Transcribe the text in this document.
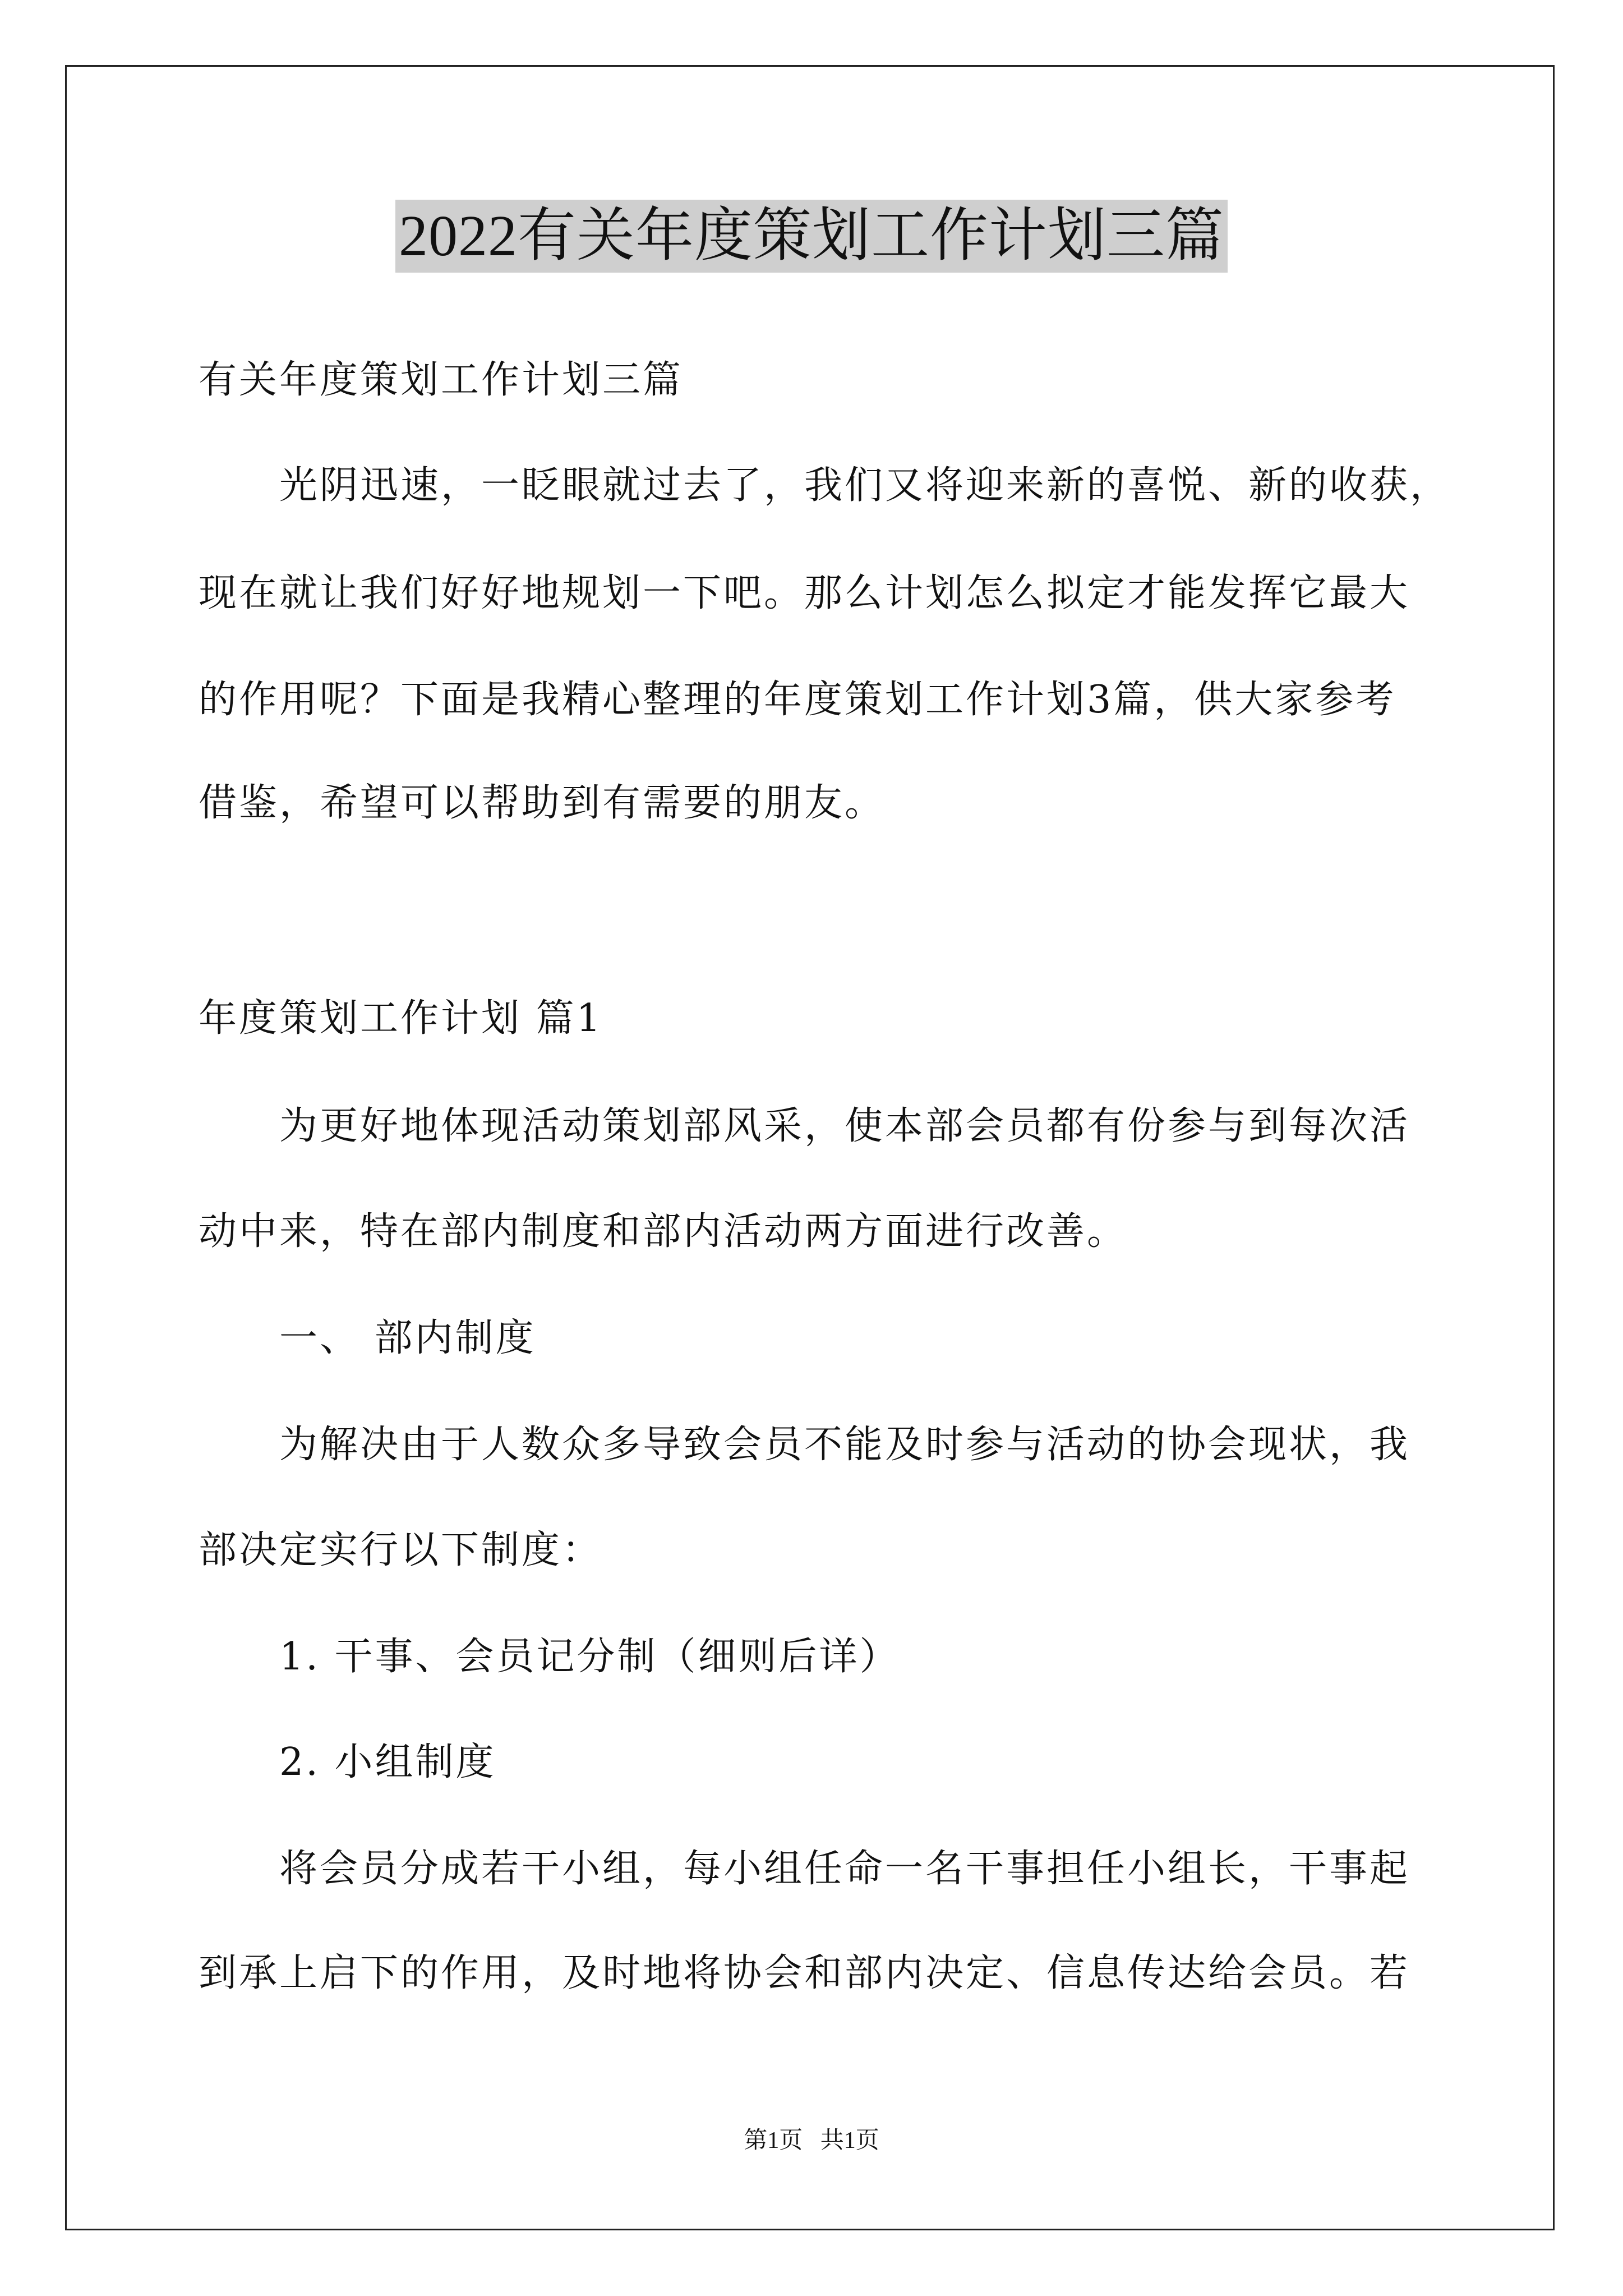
2022有关年度策划工作计划三篇
有关年度策划工作计划三篇
光阴迅速，一眨眼就过去了，我们又将迎来新的喜悦、新的收获，
现在就让我们好好地规划一下吧。那么计划怎么拟定才能发挥它最大
的作用呢？下面是我精心整理的年度策划工作计划3篇，供大家参考
借鉴，希望可以帮助到有需要的朋友。
年度策划工作计划 篇1
为更好地体现活动策划部风采，使本部会员都有份参与到每次活
动中来，特在部内制度和部内活动两方面进行改善。
一、 部内制度
为解决由于人数众多导致会员不能及时参与活动的协会现状，我
部决定实行以下制度：
1. 干事、会员记分制（细则后详）
2. 小组制度
将会员分成若干小组，每小组任命一名干事担任小组长，干事起
到承上启下的作用，及时地将协会和部内决定、信息传达给会员。若
第1页   共1页
